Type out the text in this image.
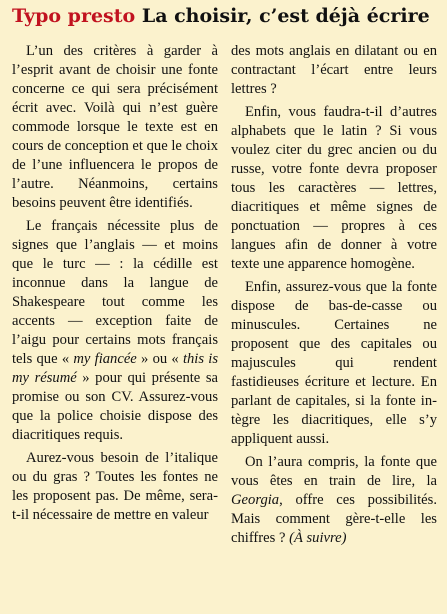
Typo presto La choisir, c’est déjà écrire

L’un des critères à garder à l’esprit avant de choisir une fonte concerne ce qui sera précisément écrit avec. Voilà qui n’est guère commode lorsque le texte est en cours de conception et que le choix de l’une influencera le propos de l’autre. Néanmoins, certains besoins peuvent être identifiés.

Le français nécessite plus de signes que l’anglais — et moins que le turc — : la cédille est inconnue dans la langue de Shakespeare tout comme les accents — exception faite de l’aigu pour certains mots français tels que « my fiancée » ou « this is my résumé » pour qui présente sa promise ou son CV. Assurez-vous que la police choisie dispose des diacritiques requis.

Aurez-vous besoin de l’italique ou du gras ? Toutes les fontes ne les proposent pas. De même, sera-t-il nécessaire de mettre en valeur

des mots anglais en dilatant ou en contractant l’écart entre leurs lettres ?

Enfin, vous faudra-t-il d’autres alphabets que le latin ? Si vous voulez citer du grec ancien ou du russe, votre fonte devra proposer tous les caractères — lettres, diacritiques et même signes de ponctuation — propres à ces langues afin de donner à votre texte une apparence homogène.

Enfin, assurez-vous que la fonte dispose de bas-de-casse ou minuscules. Certaines ne proposent que des capitales ou majuscules qui rendent fastidieuses écriture et lecture. En parlant de capitales, si la fonte intègre les diacritiques, elle s’y appliquent aussi.

On l’aura compris, la fonte que vous êtes en train de lire, la Georgia, offre ces possibilités. Mais comment gère-t-elle les chiffres ? (À suivre)
